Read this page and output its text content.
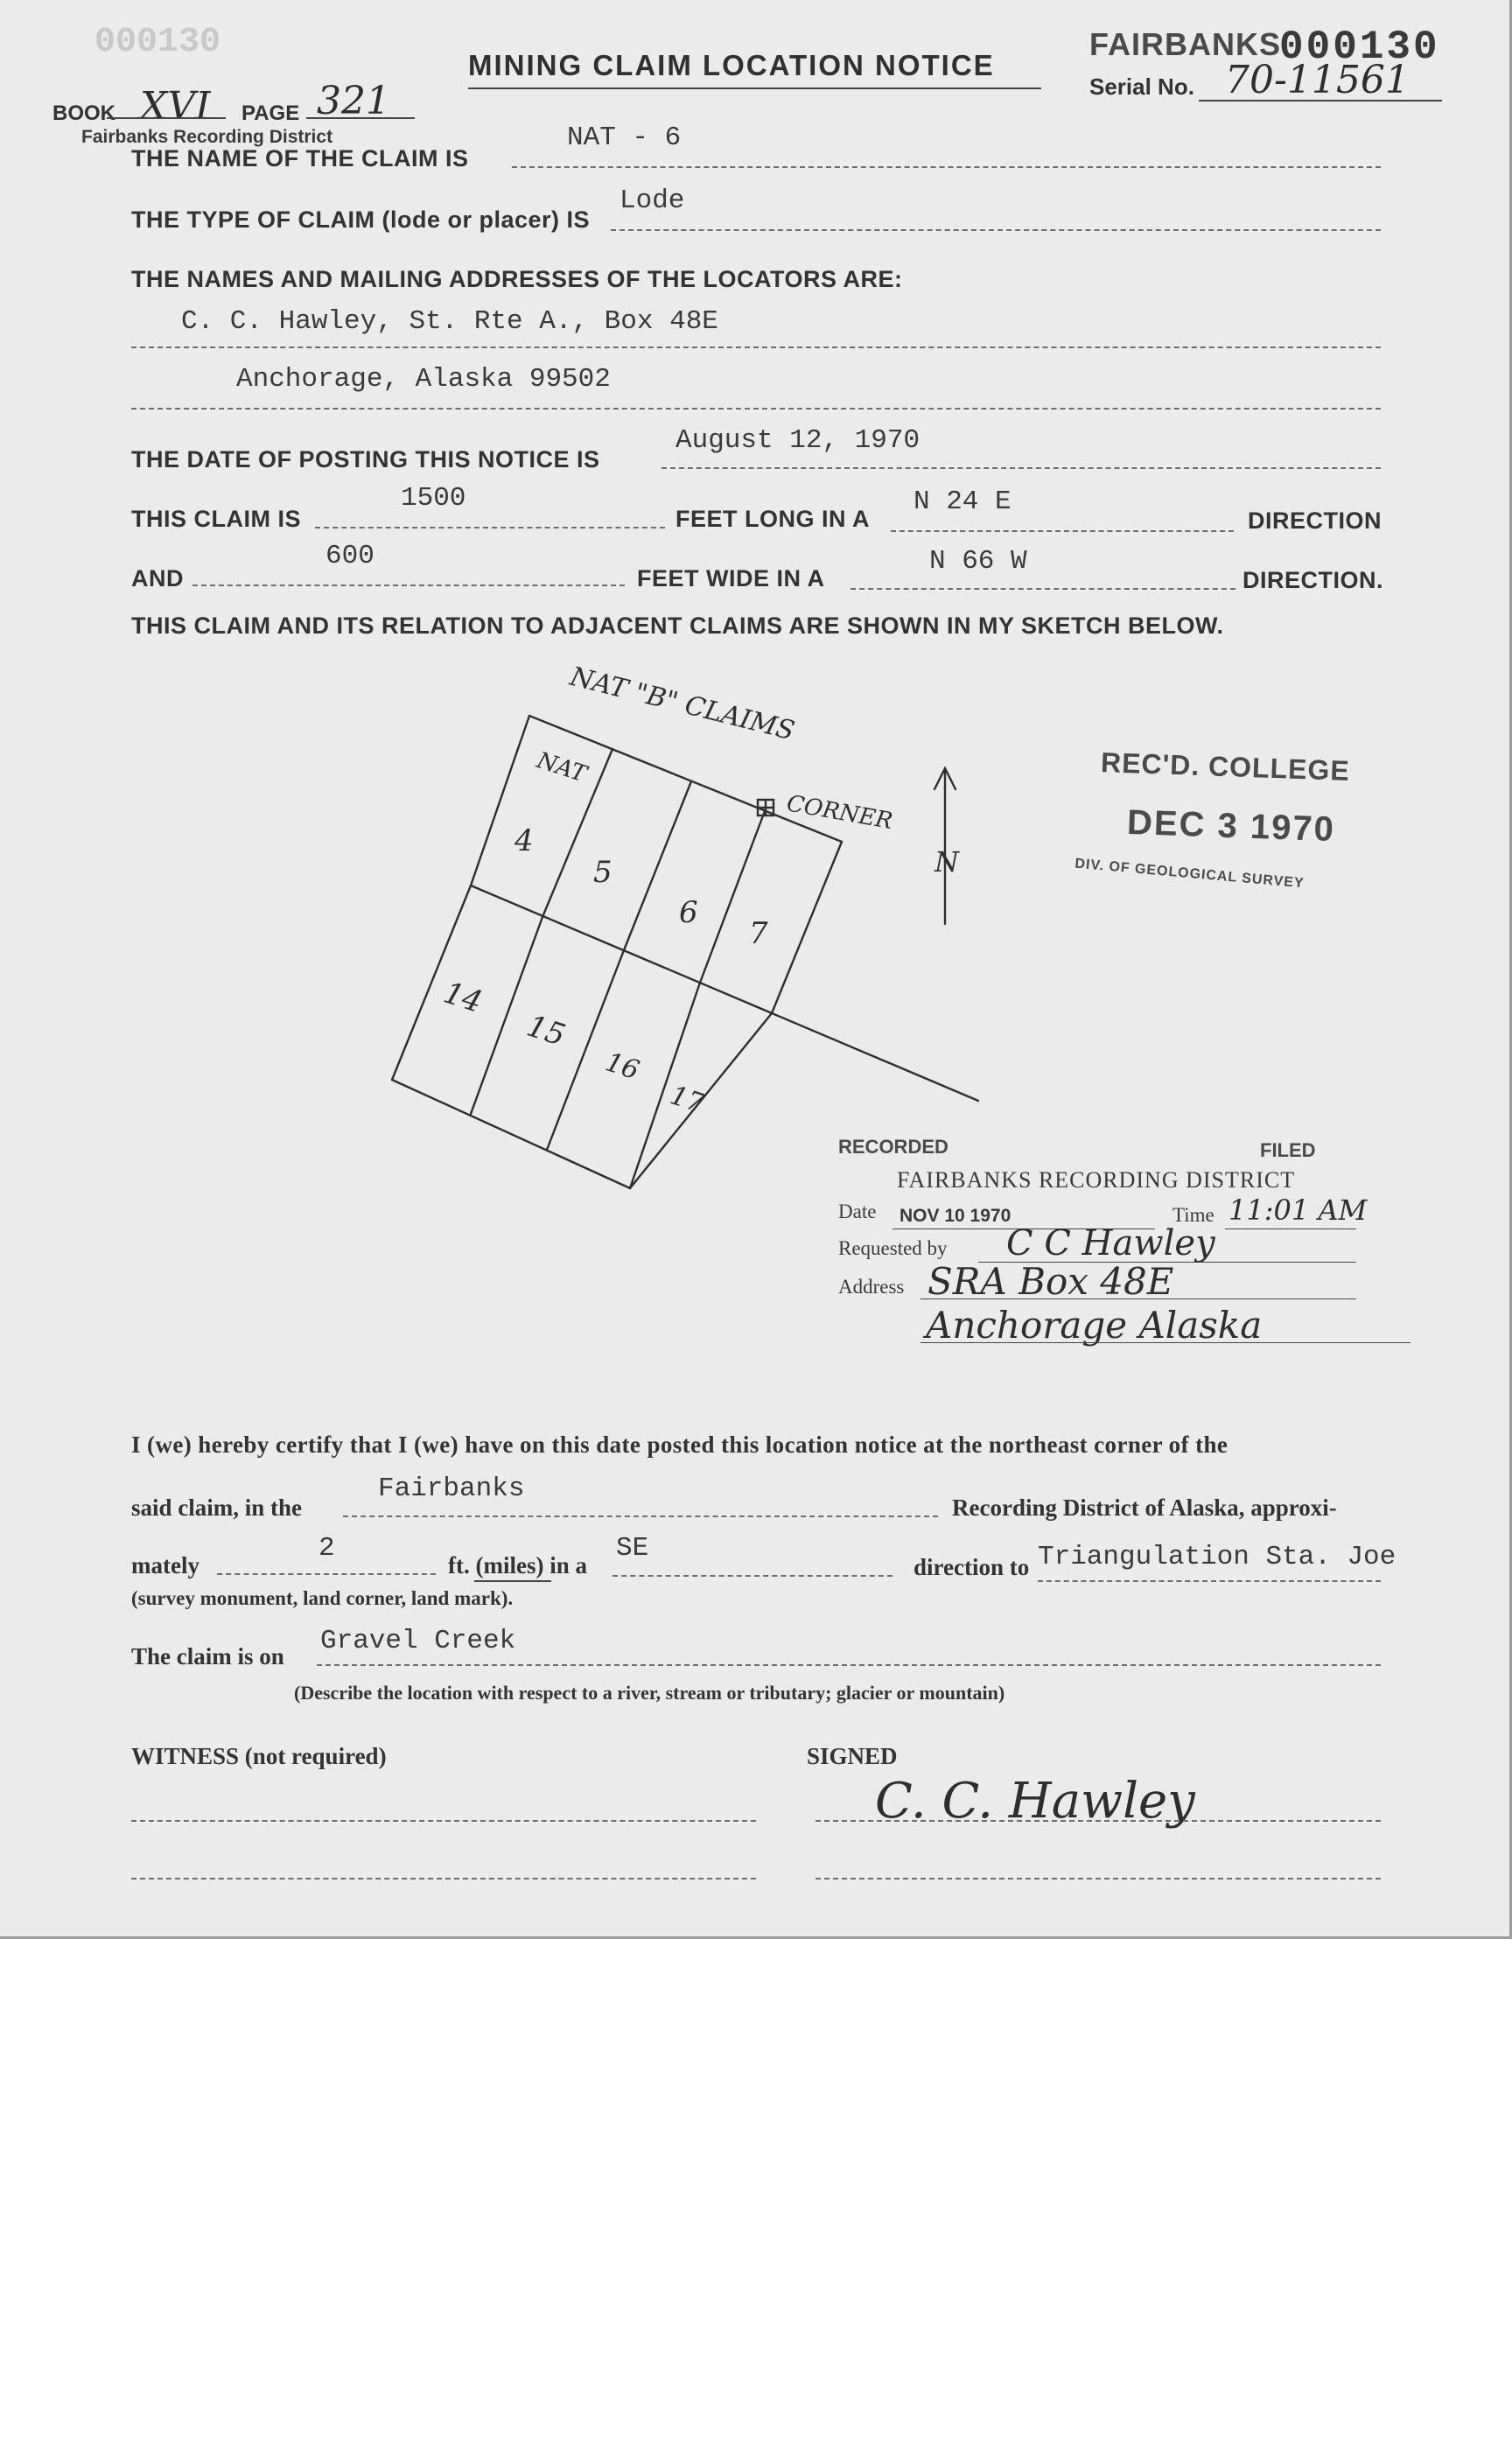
000130
MINING CLAIM LOCATION NOTICE
FAIRBANKS
000130
Serial No. 70-11561
BOOK XVI PAGE 321
Fairbanks Recording District
THE NAME OF THE CLAIM IS
NAT - 6
THE TYPE OF CLAIM (lode or placer) IS
Lode
THE NAMES AND MAILING ADDRESSES OF THE LOCATORS ARE:
C. C. Hawley, St. Rte A., Box 48E
Anchorage, Alaska 99502
THE DATE OF POSTING THIS NOTICE IS
August 12, 1970
THIS CLAIM IS
1500
FEET LONG IN A
N 24 E
DIRECTION
AND
600
FEET WIDE IN A
N 66 W
DIRECTION.
THIS CLAIM AND ITS RELATION TO ADJACENT CLAIMS ARE SHOWN IN MY SKETCH BELOW.
NAT "B" CLAIMS
NAT
CORNER
N
4
5
6
7
14
15
16
17
REC'D. COLLEGE
DEC 3 1970
DIV. OF GEOLOGICAL SURVEY
RECORDED	FILED
FAIRBANKS RECORDING DISTRICT
Date NOV 10 1970	Time 11:01 AM
Requested by C C Hawley
Address SRA Box 48E
Anchorage Alaska
I (we) hereby certify that I (we) have on this date posted this location notice at the northeast corner of the
said claim, in the
Fairbanks
Recording District of Alaska, approxi-
mately
2
ft. (miles) in a
SE
direction to Triangulation Sta. Joe
(survey monument, land corner, land mark).
The claim is on Gravel Creek
(Describe the location with respect to a river, stream or tributary; glacier or mountain)
WITNESS (not required)	SIGNED
C. C. Hawley
